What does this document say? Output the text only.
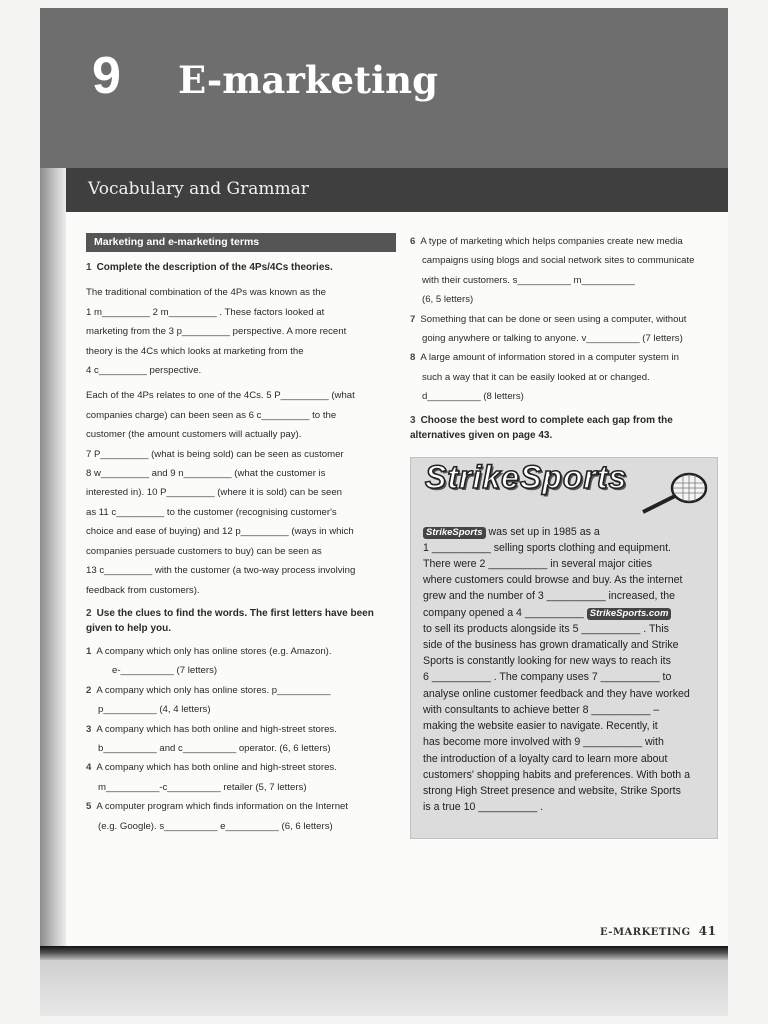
9 E-marketing
Vocabulary and Grammar
Marketing and e-marketing terms
1 Complete the description of the 4Ps/4Cs theories.

The traditional combination of the 4Ps was known as the

1 m_________ 2 m_________ . These factors looked at

marketing from the 3 p_________ perspective. A more recent

theory is the 4Cs which looks at marketing from the

4 c_________ perspective.

Each of the 4Ps relates to one of the 4Cs. 5 P_________ (what

companies charge) can been seen as 6 c_________ to the

customer (the amount customers will actually pay).

7 P_________ (what is being sold) can be seen as customer

8 w_________ and 9 n_________ (what the customer is

interested in). 10 P_________ (where it is sold) can be seen

as 11 c_________ to the customer (recognising customer's

choice and ease of buying) and 12 p_________ (ways in which

companies persuade customers to buy) can be seen as

13 c_________ with the customer (a two-way process involving

feedback from customers).

2 Use the clues to find the words. The first letters have been given to help you.

1 A company which only has online stores (e.g. Amazon).

e-__________ (7 letters)

2 A company which only has online stores. p__________

p__________ (4, 4 letters)

3 A company which has both online and high-street stores.

b__________ and c__________ operator. (6, 6 letters)

4 A company which has both online and high-street stores.

m__________-c__________ retailer (5, 7 letters)

5 A computer program which finds information on the Internet

(e.g. Google). s__________ e__________ (6, 6 letters)

6 A type of marketing which helps companies create new media

campaigns using blogs and social network sites to communicate

with their customers. s__________ m__________

(6, 5 letters)

7 Something that can be done or seen using a computer, without

going anywhere or talking to anyone. v__________ (7 letters)

8 A large amount of information stored in a computer system in

such a way that it can be easily looked at or changed.

d__________ (8 letters)

3 Choose the best word to complete each gap from the alternatives given on page 43.
StrikeSports
StrikeSports was set up in 1985 as a
1 __________ selling sports clothing and equipment.
There were 2 __________ in several major cities
where customers could browse and buy. As the internet
grew and the number of 3 __________ increased, the
company opened a 4 __________ StrikeSports.com
to sell its products alongside its 5 __________ . This
side of the business has grown dramatically and Strike
Sports is constantly looking for new ways to reach its
6 __________ . The company uses 7 __________ to
analyse online customer feedback and they have worked
with consultants to achieve better 8 __________ –
making the website easier to navigate. Recently, it
has become more involved with 9 __________ with
the introduction of a loyalty card to learn more about
customers' shopping habits and preferences. With both a
strong High Street presence and website, Strike Sports
is a true 10 __________ .
E-MARKETING 41
